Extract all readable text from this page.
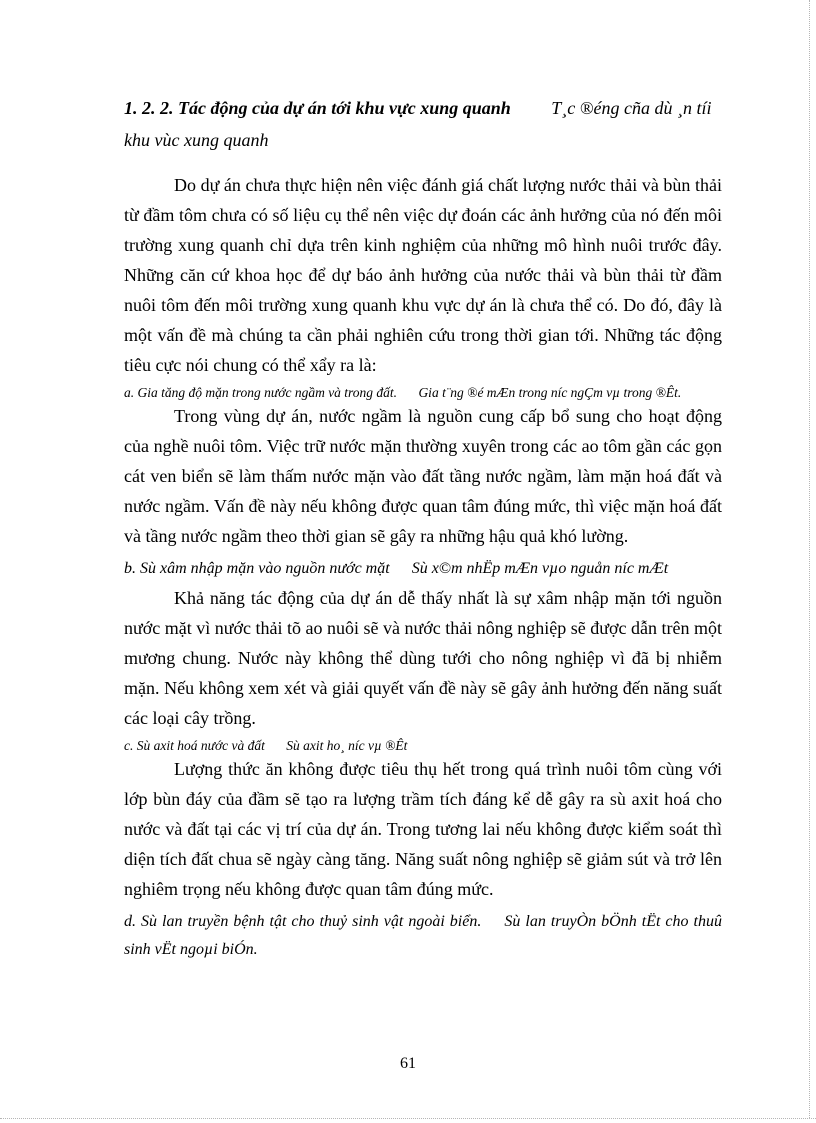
1. 2. 2. Tác động của dự án tới khu vực xung quanh T¸c ®éng cña dù ¸n tíi khu vùc xung quanh

Do dự án chưa thực hiện nên việc đánh giá chất lượng nước thải và bùn thải từ đầm tôm chưa có số liệu cụ thể nên việc dự đoán các ảnh hưởng của nó đến môi trường xung quanh chỉ dựa trên kinh nghiệm của những mô hình nuôi trước đây. Những căn cứ khoa học để dự báo ảnh hưởng của nước thải và bùn thải từ đầm nuôi tôm đến môi trường xung quanh khu vực dự án là chưa thể có. Do đó, đây là một vấn đề mà chúng ta cần phải nghiên cứu trong thời gian tới. Những tác động tiêu cực nói chung có thể xẩy ra là:

a. Gia tăng độ mặn trong nước ngầm và trong đất. Gia t¨ng ®é mÆn trong níc ngÇm vµ trong ®Êt.

Trong vùng dự án, nước ngầm là nguồn cung cấp bổ sung cho hoạt động của nghề nuôi tôm. Việc trữ nước mặn thường xuyên trong các ao tôm gần các gọn cát ven biển sẽ làm thấm nước mặn vào đất tầng nước ngầm, làm mặn hoá đất và nước ngầm. Vấn đề này nếu không được quan tâm đúng mức, thì việc mặn hoá đất và tầng nước ngầm theo thời gian sẽ gây ra những hậu quả khó lường.

b. Sù xâm nhập mặn vào nguồn nước mặt Sù x©m nhËp mÆn vµo nguån níc mÆt

Khả năng tác động của dự án dễ thấy nhất là sự xâm nhập mặn tới nguồn nước mặt vì nước thải tõ ao nuôi sẽ và nước thải nông nghiệp sẽ được dẫn trên một mương chung. Nước này không thể dùng tưới cho nông nghiệp vì đã bị nhiễm mặn. Nếu không xem xét và giải quyết vấn đề này sẽ gây ảnh hưởng đến năng suất các loại cây trồng.

c. Sù axit hoá nước và đất Sù axit ho¸ níc vµ ®Êt

Lượng thức ăn không được tiêu thụ hết trong quá trình nuôi tôm cùng với lớp bùn đáy của đầm sẽ tạo ra lượng trầm tích đáng kể dễ gây ra sù axit hoá cho nước và đất tại các vị trí của dự án. Trong tương lai nếu không được kiểm soát thì diện tích đất chua sẽ ngày càng tăng. Năng suất nông nghiệp sẽ giảm sút và trở lên nghiêm trọng nếu không được quan tâm đúng mức.

d. Sù lan truyền bệnh tật cho thuỷ sinh vật ngoài biển. Sù lan truyÒn bÖnh tËt cho thuû sinh vËt ngoµi biÓn.

61
